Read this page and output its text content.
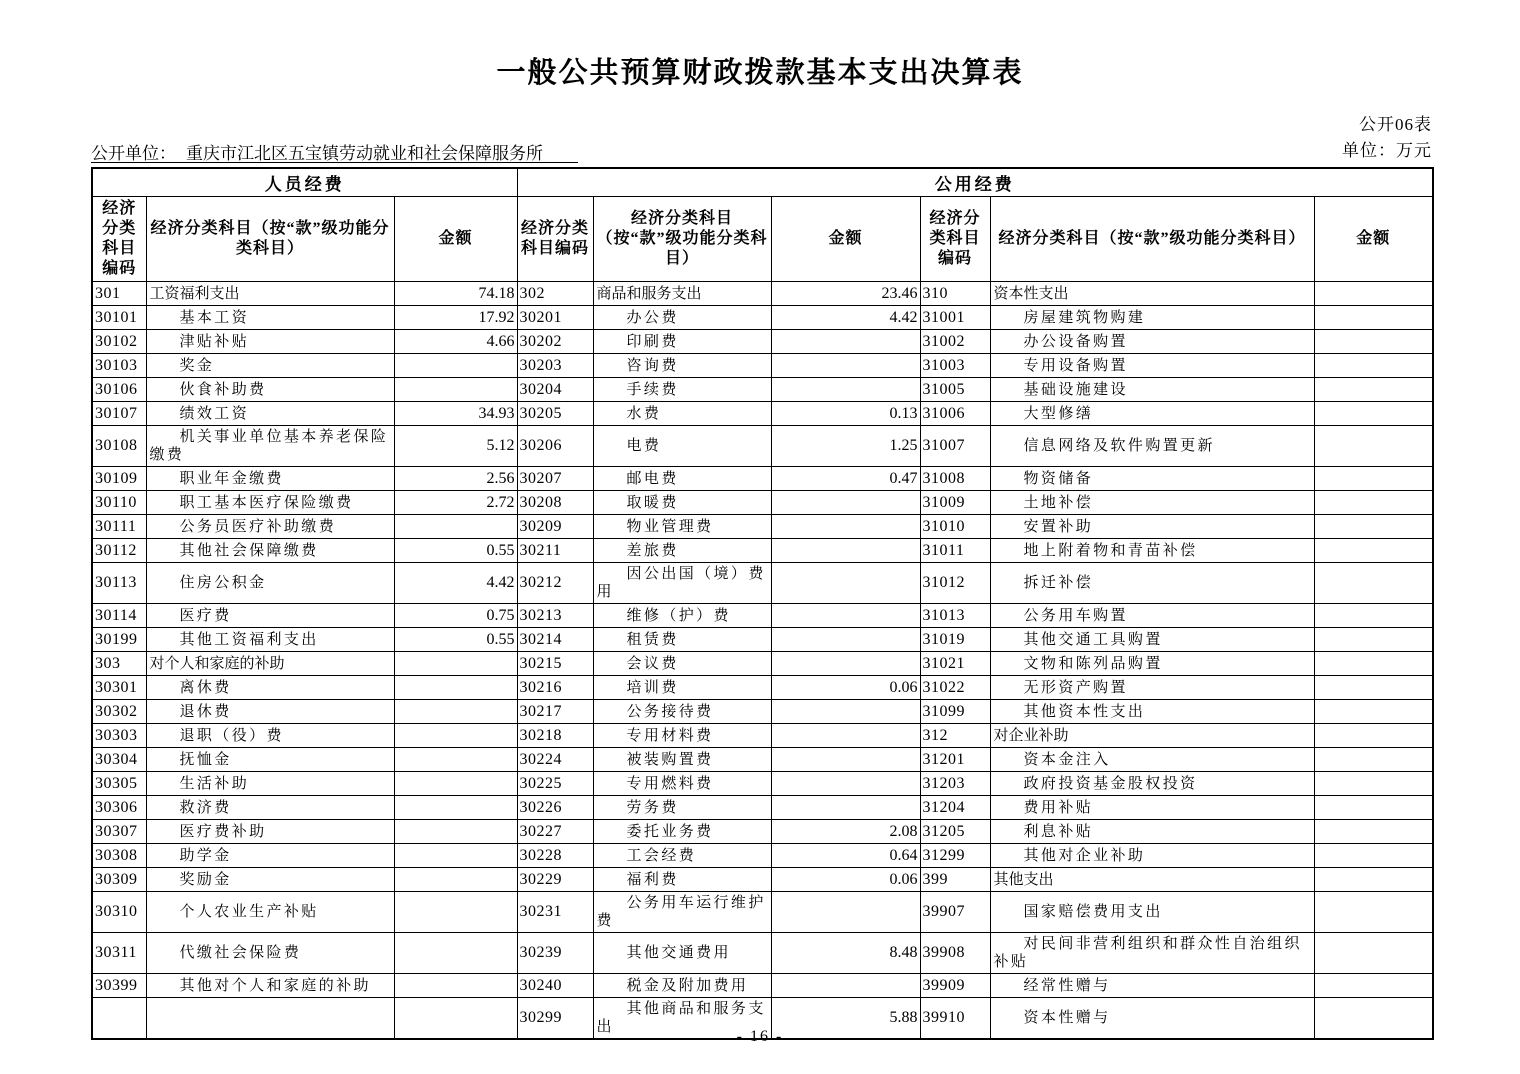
一般公共预算财政拨款基本支出决算表
公开06表
单位：万元
公开单位： 重庆市江北区五宝镇劳动就业和社会保障服务所
人员经费			公用经费					
经济分类科目编码	经济分类科目（按“款”级功能分类科目）	金额	经济分类科目编码	经济分类科目（按“款”级功能分类科目）	金额	经济分类科目编码	经济分类科目（按“款”级功能分类科目）	金额
301	工资福利支出	74.18	302	商品和服务支出	23.46	310	资本性支出	
30101	基本工资	17.92	30201	办公费	4.42	31001	房屋建筑物购建	
30102	津贴补贴	4.66	30202	印刷费		31002	办公设备购置	
30103	奖金		30203	咨询费		31003	专用设备购置	
30106	伙食补助费		30204	手续费		31005	基础设施建设	
30107	绩效工资	34.93	30205	水费	0.13	31006	大型修缮	
30108	机关事业单位基本养老保险缴费	5.12	30206	电费	1.25	31007	信息网络及软件购置更新	
30109	职业年金缴费	2.56	30207	邮电费	0.47	31008	物资储备	
30110	职工基本医疗保险缴费	2.72	30208	取暖费		31009	土地补偿	
30111	公务员医疗补助缴费		30209	物业管理费		31010	安置补助	
30112	其他社会保障缴费	0.55	30211	差旅费		31011	地上附着物和青苗补偿	
30113	住房公积金	4.42	30212	因公出国（境）费用		31012	拆迁补偿	
30114	医疗费	0.75	30213	维修（护）费		31013	公务用车购置	
30199	其他工资福利支出	0.55	30214	租赁费		31019	其他交通工具购置	
303	对个人和家庭的补助		30215	会议费		31021	文物和陈列品购置	
30301	离休费		30216	培训费	0.06	31022	无形资产购置	
30302	退休费		30217	公务接待费		31099	其他资本性支出	
30303	退职（役）费		30218	专用材料费		312	对企业补助	
30304	抚恤金		30224	被装购置费		31201	资本金注入	
30305	生活补助		30225	专用燃料费		31203	政府投资基金股权投资	
30306	救济费		30226	劳务费		31204	费用补贴	
30307	医疗费补助		30227	委托业务费	2.08	31205	利息补贴	
30308	助学金		30228	工会经费	0.64	31299	其他对企业补助	
30309	奖励金		30229	福利费	0.06	399	其他支出	
30310	个人农业生产补贴		30231	公务用车运行维护费		39907	国家赔偿费用支出	
30311	代缴社会保险费		30239	其他交通费用	8.48	39908	对民间非营利组织和群众性自治组织补贴	
30399	其他对个人和家庭的补助		30240	税金及附加费用		39909	经常性赠与	
			30299	其他商品和服务支出	5.88	39910	资本性赠与	
- 16 -
